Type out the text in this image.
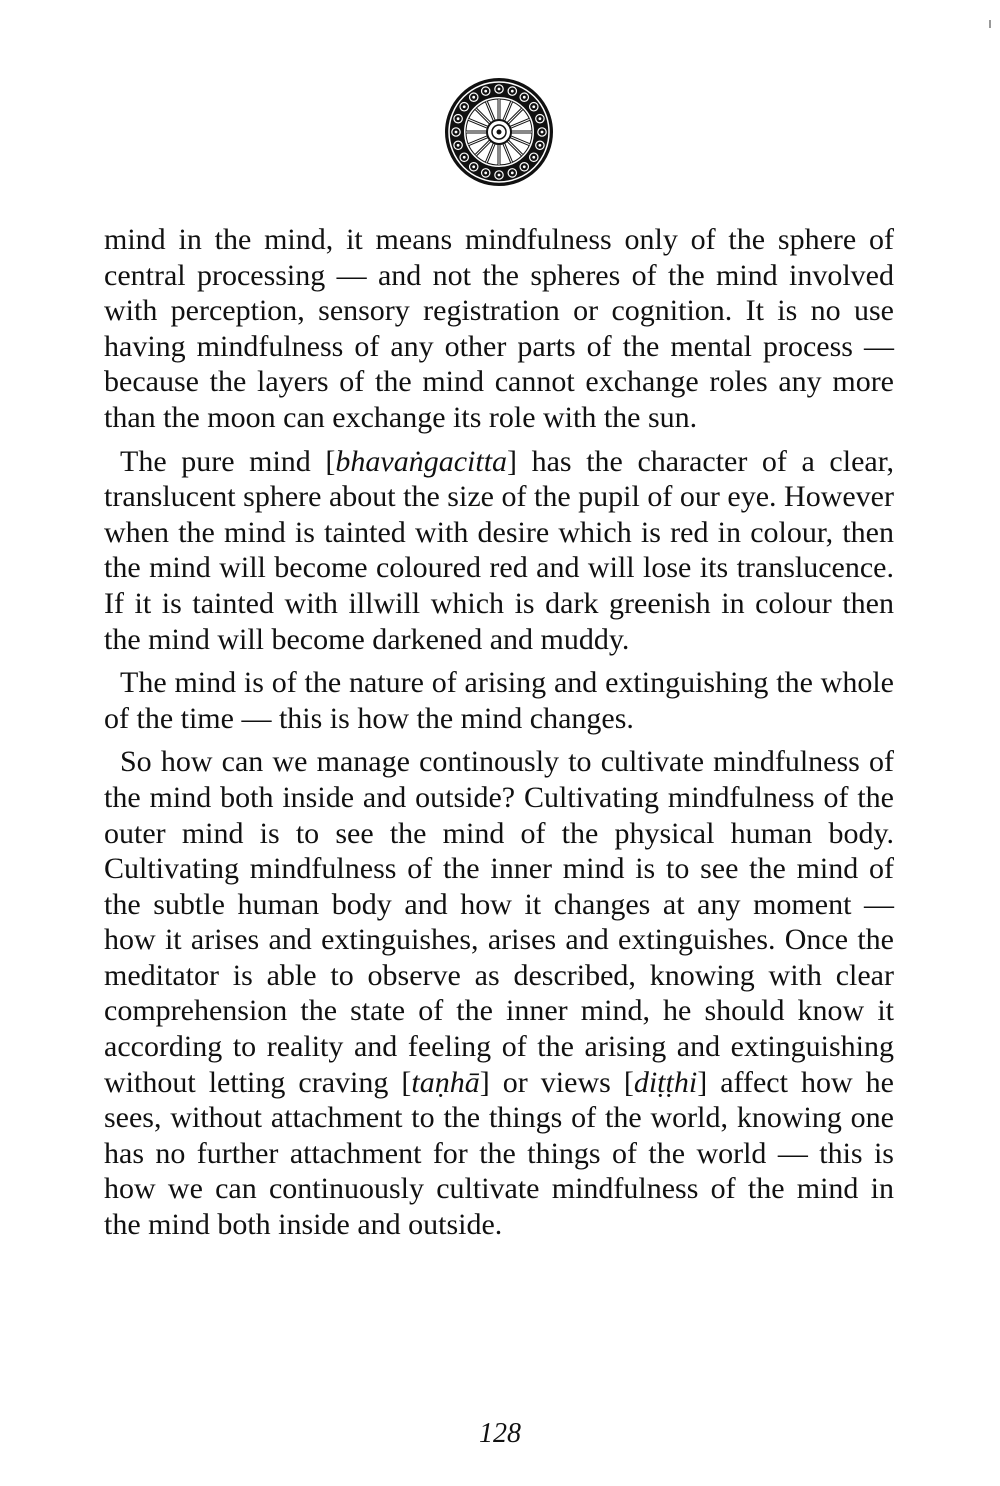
mind in the mind, it means mindfulness only of the sphere of central processing — and not the spheres of the mind involved with perception, sensory registration or cognition. It is no use having mindfulness of any other parts of the mental process — because the layers of the mind cannot exchange roles any more than the moon can exchange its role with the sun.

The pure mind [bhavaṅgacitta] has the character of a clear, translucent sphere about the size of the pupil of our eye. However when the mind is tainted with desire which is red in colour, then the mind will become coloured red and will lose its translucence. If it is tainted with illwill which is dark greenish in colour then the mind will become darkened and muddy.

The mind is of the nature of arising and extinguishing the whole of the time — this is how the mind changes.

So how can we manage continously to cultivate mindfulness of the mind both inside and outside? Cultivating mindfulness of the outer mind is to see the mind of the physical human body. Cultivating mindfulness of the inner mind is to see the mind of the subtle human body and how it changes at any moment — how it arises and extinguishes, arises and extinguishes. Once the meditator is able to observe as described, knowing with clear comprehension the state of the inner mind, he should know it according to reality and feeling of the arising and extinguishing without letting craving [taṇhā] or views [diṭṭhi] affect how he sees, without attachment to the things of the world, knowing one has no further attachment for the things of the world — this is how we can continuously cultivate mindfulness of the mind in the mind both inside and outside.

128
